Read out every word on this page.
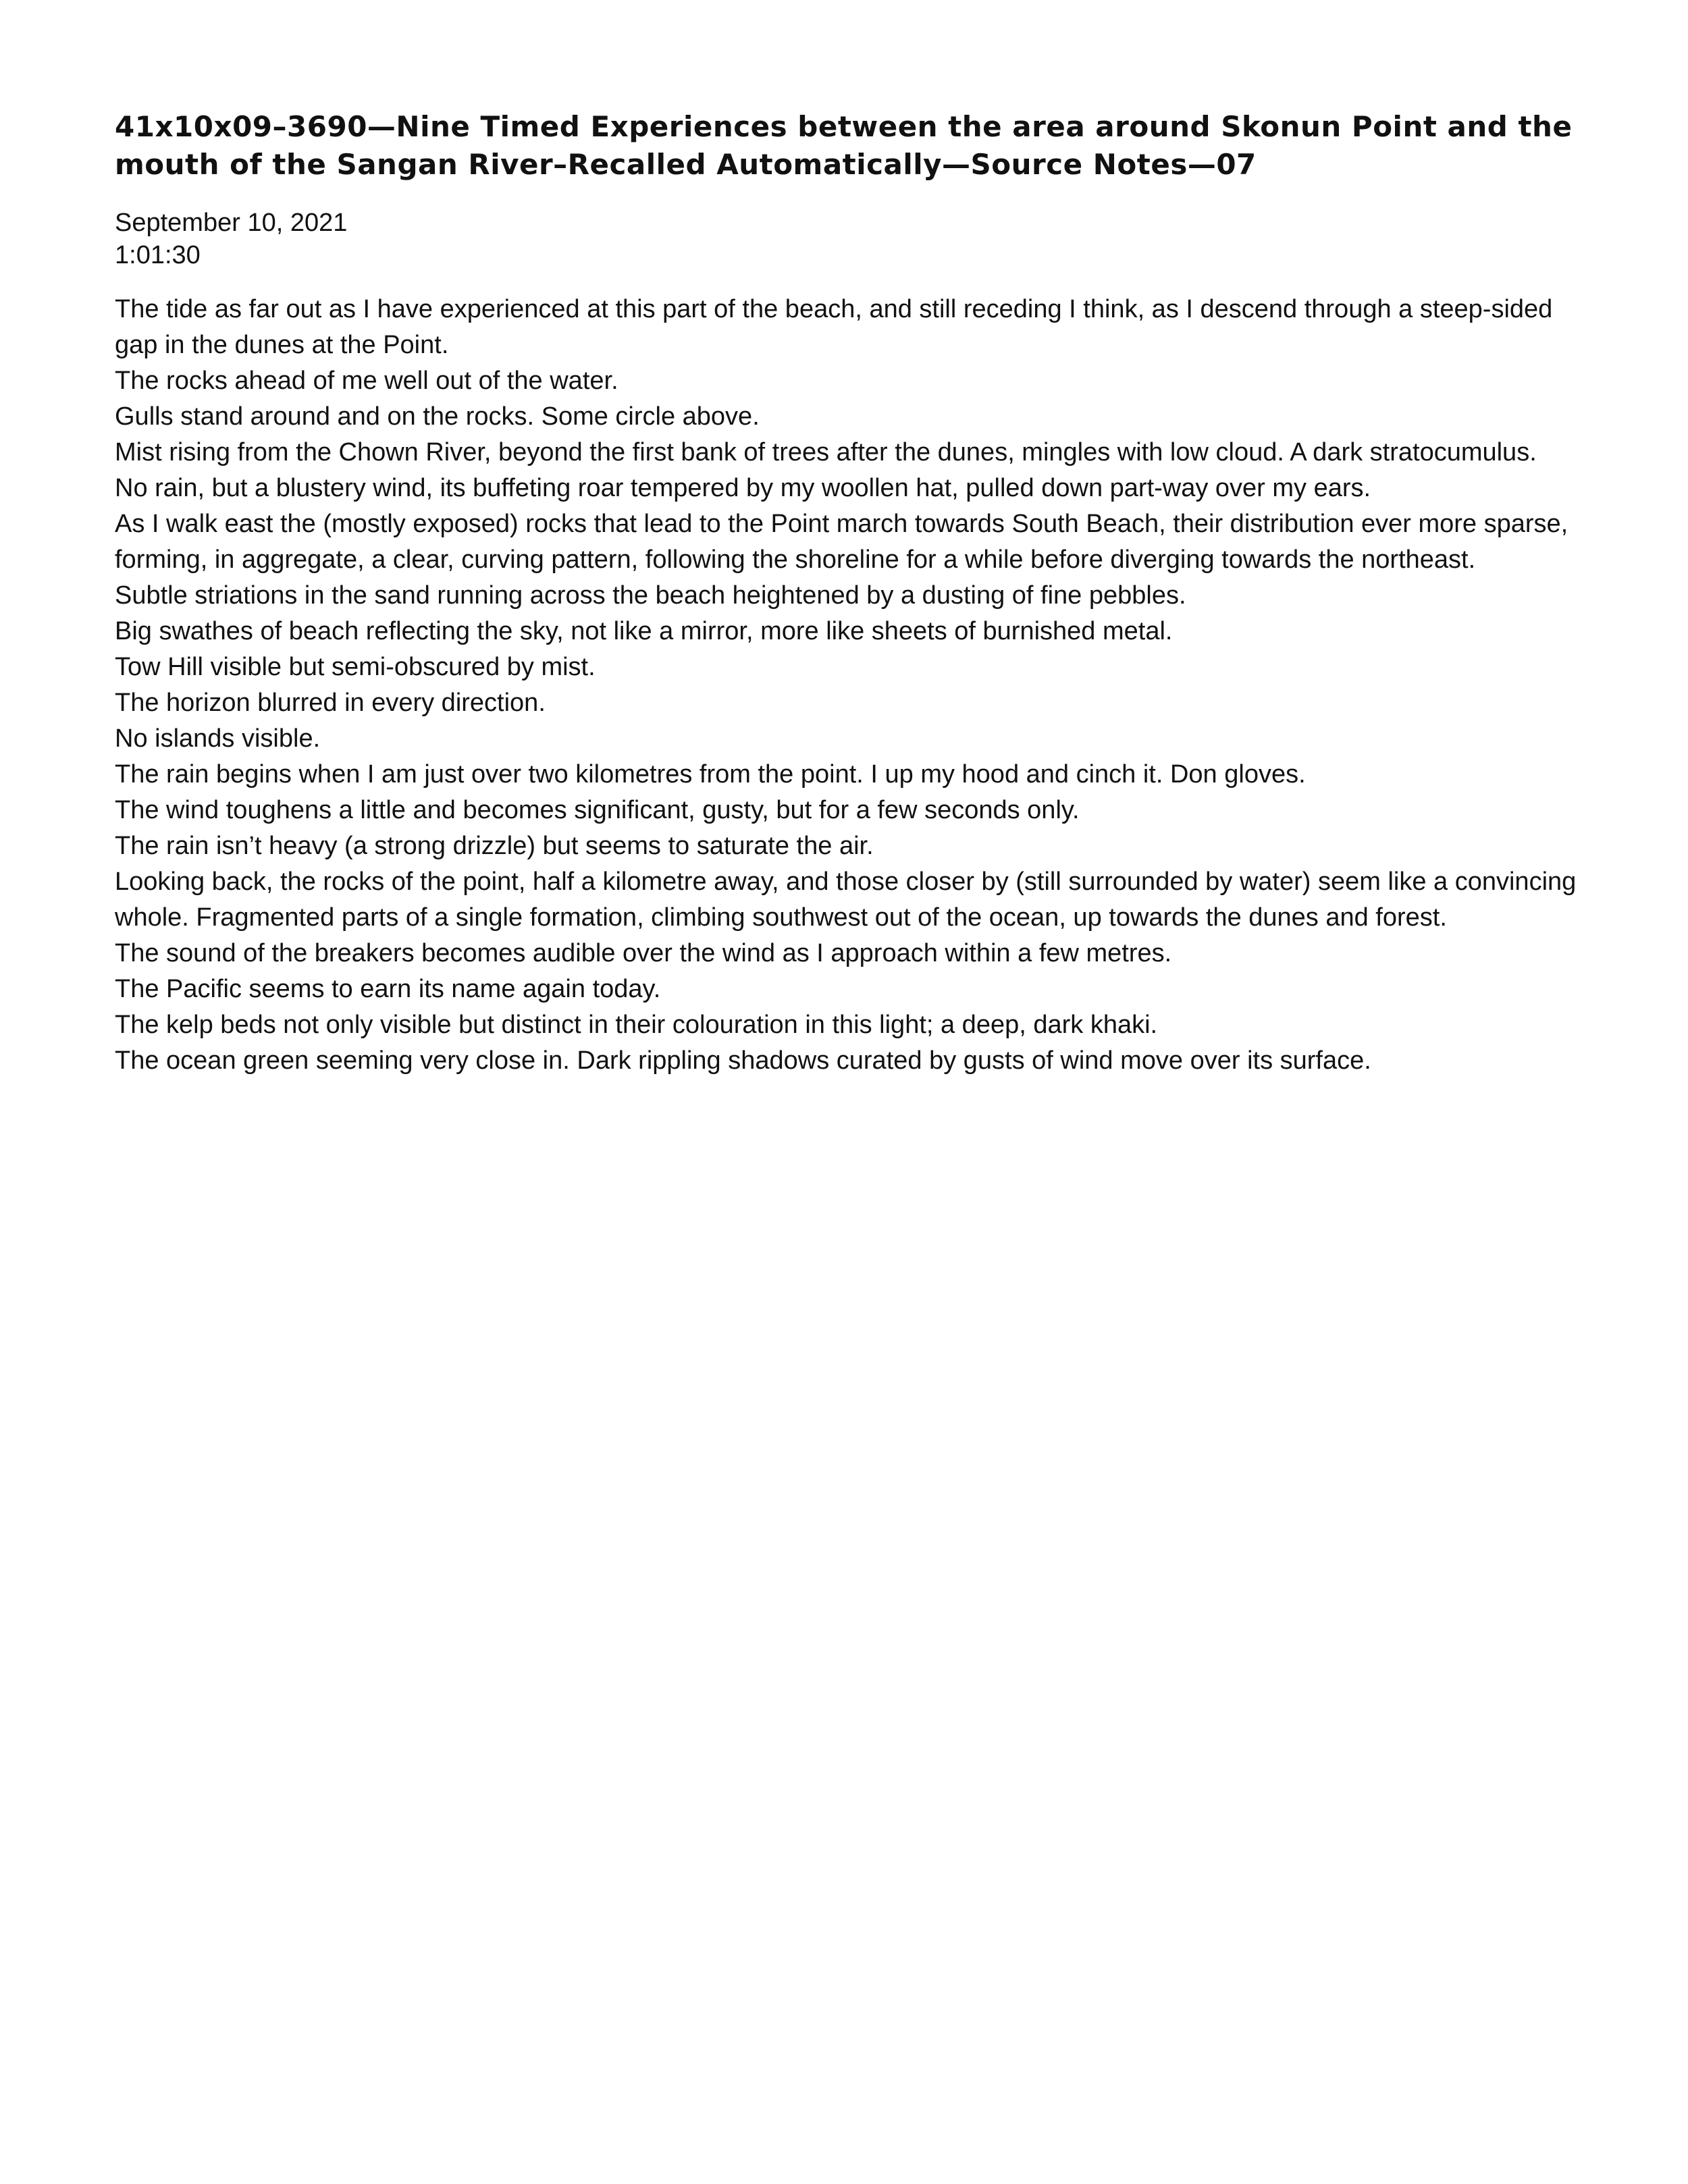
41x10x09–3690—Nine Timed Experiences between the area around Skonun Point and the mouth of the Sangan River–Recalled Automatically—Source Notes—07
September 10, 2021
1:01:30

The tide as far out as I have experienced at this part of the beach, and still receding I think, as I descend through a steep-sided gap in the dunes at the Point.

The rocks ahead of me well out of the water.

Gulls stand around and on the rocks. Some circle above.

Mist rising from the Chown River, beyond the first bank of trees after the dunes, mingles with low cloud. A dark stratocumulus.

No rain, but a blustery wind, its buffeting roar tempered by my woollen hat, pulled down part-way over my ears.

As I walk east the (mostly exposed) rocks that lead to the Point march towards South Beach, their distribution ever more sparse, forming, in aggregate, a clear, curving pattern, following the shoreline for a while before diverging towards the northeast.

Subtle striations in the sand running across the beach heightened by a dusting of fine pebbles.

Big swathes of beach reflecting the sky, not like a mirror, more like sheets of burnished metal.

Tow Hill visible but semi-obscured by mist.

The horizon blurred in every direction.

No islands visible.

The rain begins when I am just over two kilometres from the point. I up my hood and cinch it. Don gloves.

The wind toughens a little and becomes significant, gusty, but for a few seconds only.

The rain isn’t heavy (a strong drizzle) but seems to saturate the air.

Looking back, the rocks of the point, half a kilometre away, and those closer by (still surrounded by water) seem like a convincing whole. Fragmented parts of a single formation, climbing southwest out of the ocean, up towards the dunes and forest.

The sound of the breakers becomes audible over the wind as I approach within a few metres.

The Pacific seems to earn its name again today.

The kelp beds not only visible but distinct in their colouration in this light; a deep, dark khaki.

The ocean green seeming very close in. Dark rippling shadows curated by gusts of wind move over its surface.
